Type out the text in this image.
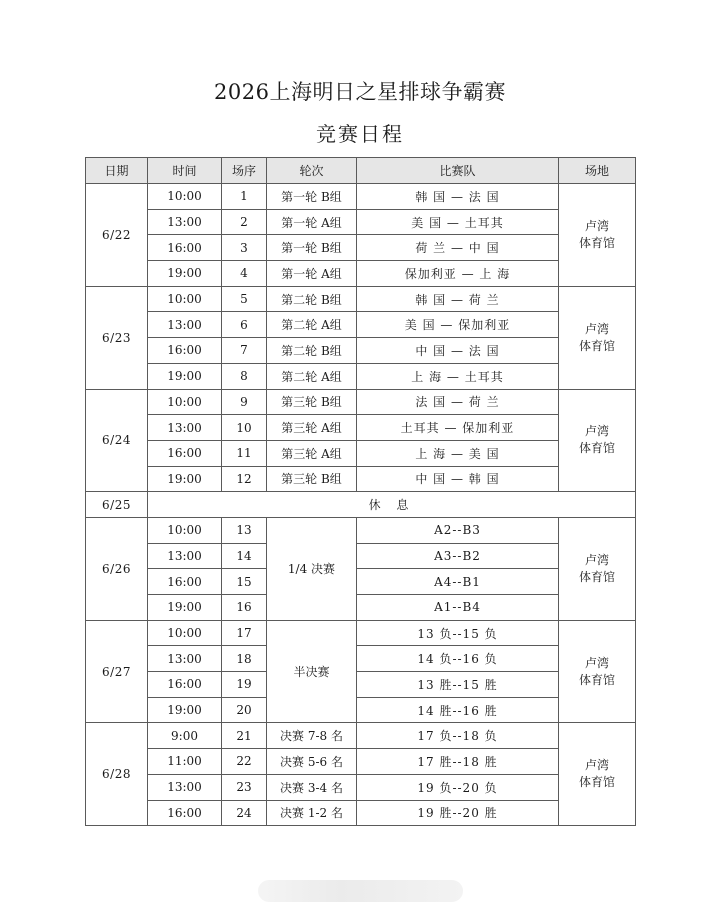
2026上海明日之星排球争霸赛
竞赛日程
日期	时间	场序	轮次	比赛队	场地
6/22	10:00	1	第一轮 B组	韩 国 — 法 国	卢湾
体育馆

	13:00	2	第一轮 A组	美 国 — 土耳其	
	16:00	3	第一轮 B组	荷 兰 — 中 国	
	19:00	4	第一轮 A组	保加利亚 — 上 海	
6/23	10:00	5	第二轮 B组	韩 国 — 荷 兰	卢湾
体育馆

	13:00	6	第二轮 A组	美 国 — 保加利亚	
	16:00	7	第二轮 B组	中 国 — 法 国	
	19:00	8	第二轮 A组	上 海 — 土耳其	
6/24	10:00	9	第三轮 B组	法 国 — 荷 兰	卢湾
体育馆

	13:00	10	第三轮 A组	土耳其 — 保加利亚	
	16:00	11	第三轮 A组	上 海 — 美 国	
	19:00	12	第三轮 B组	中 国 — 韩 国	
6/25	休 息				
6/26	10:00	13	1/4 决赛	A2--B3	卢湾
体育馆

	13:00	14		A3--B2	
	16:00	15		A4--B1	
	19:00	16		A1--B4	
6/27	10:00	17	半决赛	13 负--15 负	卢湾
体育馆

	13:00	18		14 负--16 负	
	16:00	19		13 胜--15 胜	
	19:00	20		14 胜--16 胜	
6/28	9:00	21	决赛 7-8 名	17 负--18 负	卢湾
体育馆

	11:00	22	决赛 5-6 名	17 胜--18 胜	
	13:00	23	决赛 3-4 名	19 负--20 负	
	16:00	24	决赛 1-2 名	19 胜--20 胜	
